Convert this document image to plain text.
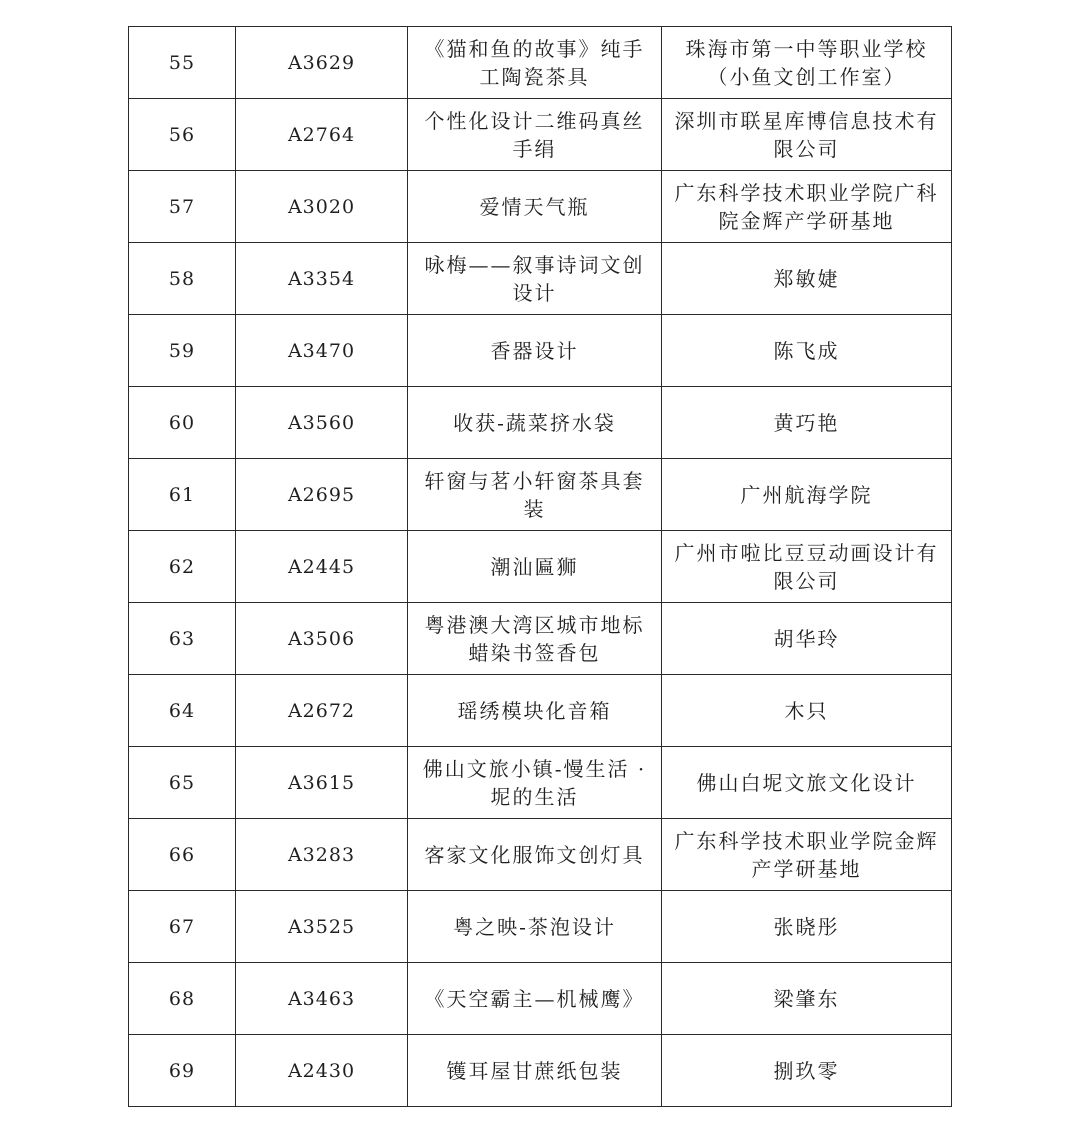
55	A3629	《猫和鱼的故事》纯手工陶瓷茶具	珠海市第一中等职业学校（小鱼文创工作室）
56	A2764	个性化设计二维码真丝手绢	深圳市联星库博信息技术有限公司
57	A3020	爱情天气瓶	广东科学技术职业学院广科院金辉产学研基地
58	A3354	咏梅——叙事诗词文创设计	郑敏婕
59	A3470	香器设计	陈飞成
60	A3560	收获-蔬菜挤水袋	黄巧艳
61	A2695	轩窗与茗小轩窗茶具套装	广州航海学院
62	A2445	潮汕匾狮	广州市啦比豆豆动画设计有限公司
63	A3506	粤港澳大湾区城市地标蜡染书签香包	胡华玲
64	A2672	瑶绣模块化音箱	木只
65	A3615	佛山文旅小镇-慢生活 · 坭的生活	佛山白坭文旅文化设计
66	A3283	客家文化服饰文创灯具	广东科学技术职业学院金辉产学研基地
67	A3525	粤之映-茶泡设计	张晓彤
68	A3463	《天空霸主—机械鹰》	梁肇东
69	A2430	镬耳屋甘蔗纸包装	捌玖零
